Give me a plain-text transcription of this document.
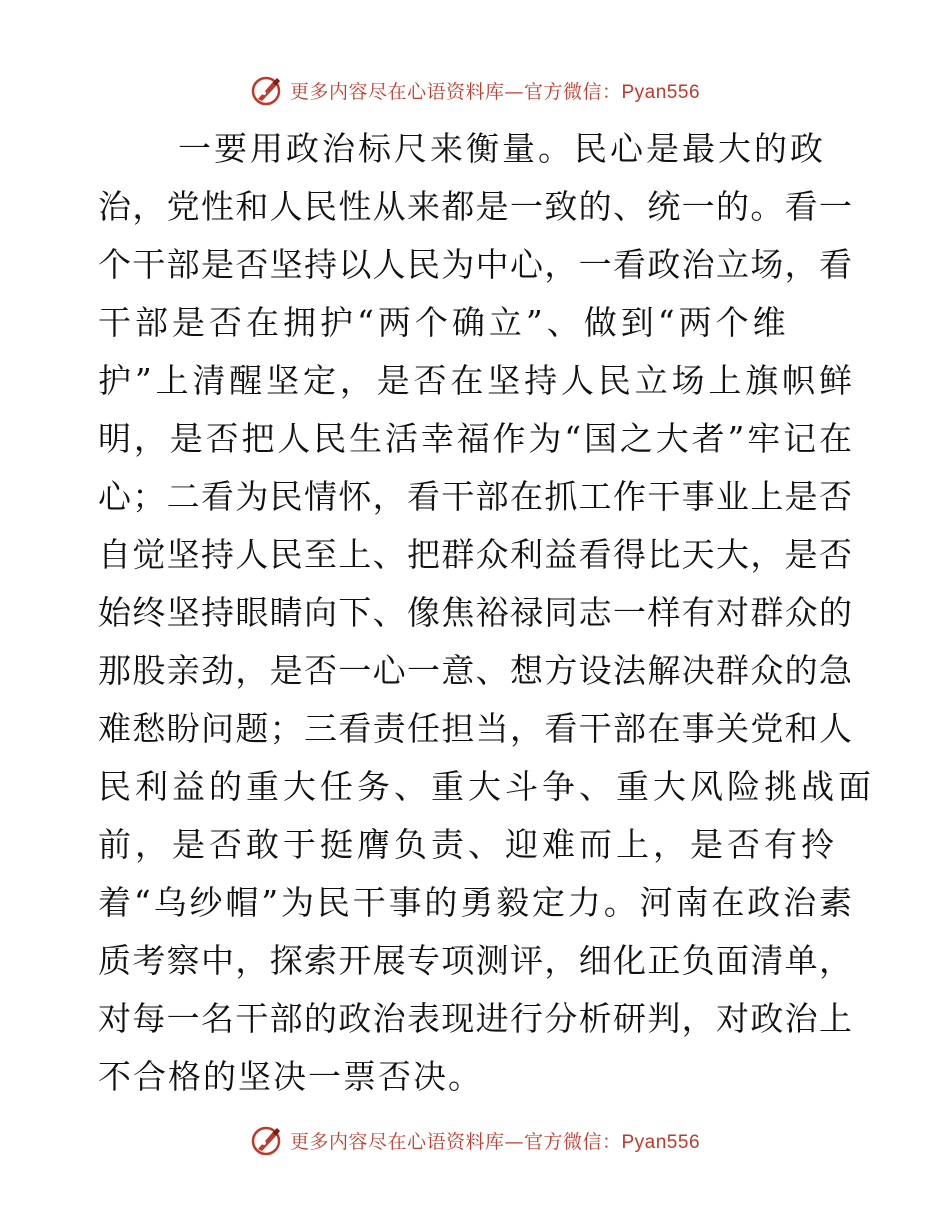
更多内容尽在心语资料库—官方微信：Pyan556
一要用政治标尺来衡量。民心是最大的政
治，党性和人民性从来都是一致的、统一的。看一
个干部是否坚持以人民为中心，一看政治立场，看
干部是否在拥护“两个确立”、做到“两个维
护”上清醒坚定，是否在坚持人民立场上旗帜鲜
明，是否把人民生活幸福作为“国之大者”牢记在
心；二看为民情怀，看干部在抓工作干事业上是否
自觉坚持人民至上、把群众利益看得比天大，是否
始终坚持眼睛向下、像焦裕禄同志一样有对群众的
那股亲劲，是否一心一意、想方设法解决群众的急
难愁盼问题；三看责任担当，看干部在事关党和人
民利益的重大任务、重大斗争、重大风险挑战面
前，是否敢于挺膺负责、迎难而上，是否有拎
着“乌纱帽”为民干事的勇毅定力。河南在政治素
质考察中，探索开展专项测评，细化正负面清单，
对每一名干部的政治表现进行分析研判，对政治上
不合格的坚决一票否决。
更多内容尽在心语资料库—官方微信：Pyan556
